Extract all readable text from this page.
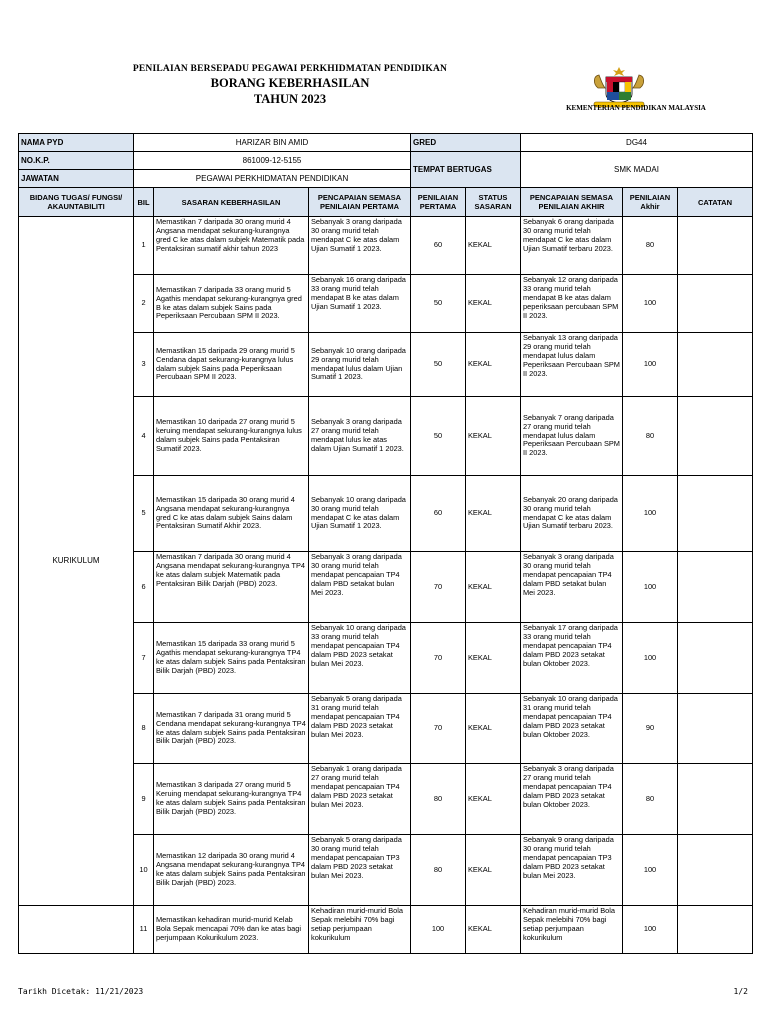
PENILAIAN BERSEPADU PEGAWAI PERKHIDMATAN PENDIDIKAN
BORANG KEBERHASILAN
TAHUN 2023
KEMENTERIAN PENDIDIKAN MALAYSIA
NAMA PYD	HARIZAR BIN AMID	GRED	DG44
NO.K.P.	861009-12-5155	TEMPAT BERTUGAS	SMK MADAI
JAWATAN	PEGAWAI PERKHIDMATAN PENDIDIKAN		
BIDANG TUGAS/ FUNGSI/ AKAUNTABILITI	BIL	SASARAN KEBERHASILAN	PENCAPAIAN SEMASA PENILAIAN PERTAMA	PENILAIAN PERTAMA	STATUS SASARAN	PENCAPAIAN SEMASA PENILAIAN AKHIR	PENILAIAN Akhir	CATATAN
KURIKULUM	1	Memastikan 7 daripada 30 orang murid 4 Angsana mendapat sekurang-kurangnya gred C ke atas dalam subjek Matematik pada Pentaksiran sumatif akhir tahun 2023	Sebanyak 3 orang daripada 30 orang murid telah mendapat C ke atas dalam Ujian Sumatif 1 2023.	60	KEKAL	Sebanyak 6 orang daripada 30 orang murid telah mendapat C ke atas dalam Ujian Sumatif terbaru 2023.	80	
	2	Memastikan 7 daripada 33 orang murid 5 Agathis mendapat sekurang-kurangnya gred B ke atas dalam subjek Sains pada Peperiksaan Percubaan SPM II 2023.	Sebanyak 16 orang daripada 33 orang murid telah mendapat B ke atas dalam Ujian Sumatif 1 2023.	50	KEKAL	Sebanyak 12 orang daripada 33 orang murid telah mendapat B ke atas dalam peperiksaan percubaan SPM II 2023.	100	
	3	Memastikan 15 daripada 29 orang murid 5 Cendana dapat sekurang-kurangnya lulus dalam subjek Sains pada Peperiksaan Percubaan SPM II 2023.	Sebanyak 10 orang daripada 29 orang murid telah mendapat lulus dalam Ujian Sumatif 1 2023.	50	KEKAL	Sebanyak 13 orang daripada 29 orang murid telah mendapat lulus dalam Peperiksaan Percubaan SPM II 2023.	100	
	4	Memastikan 10 daripada 27 orang murid 5 keruing mendapat sekurang-kurangnya lulus dalam subjek Sains pada Pentaksiran Sumatif 2023.	Sebanyak 3 orang daripada 27 orang murid telah mendapat lulus ke atas dalam Ujian Sumatif 1 2023.	50	KEKAL	Sebanyak 7 orang daripada 27 orang murid telah mendapat lulus dalam Peperiksaan Percubaan SPM II 2023.	80	
	5	Memastikan 15 daripada 30 orang murid 4 Angsana mendapat sekurang-kurangnya gred C ke atas dalam subjek Sains dalam Pentaksiran Sumatif Akhir 2023.	Sebanyak 10 orang daripada 30 orang murid telah mendapat C ke atas dalam Ujian Sumatif 1 2023.	60	KEKAL	Sebanyak 20 orang daripada 30 orang murid telah mendapat C ke atas dalam Ujian Sumatif terbaru 2023.	100	
	6	Memastikan 7 daripada 30 orang murid 4 Angsana mendapat sekurang-kurangnya TP4 ke atas dalam subjek Matematik pada Pentaksiran Bilik Darjah (PBD) 2023.	Sebanyak 3 orang daripada 30 orang murid telah mendapat pencapaian TP4 dalam PBD setakat bulan Mei 2023.	70	KEKAL	Sebanyak 3 orang daripada 30 orang murid telah mendapat pencapaian TP4 dalam PBD setakat bulan Mei 2023.	100	
	7	Memastikan 15 daripada 33 orang murid 5 Agathis mendapat sekurang-kurangnya TP4 ke atas dalam subjek Sains pada Pentaksiran Bilik Darjah (PBD) 2023.	Sebanyak 10 orang daripada 33 orang murid telah mendapat pencapaian TP4 dalam PBD 2023 setakat bulan Mei 2023.	70	KEKAL	Sebanyak 17 orang daripada 33 orang murid telah mendapat pencapaian TP4 dalam PBD 2023 setakat bulan Oktober 2023.	100	
	8	Memastikan 7 daripada 31 orang murid 5 Cendana mendapat sekurang-kurangnya TP4 ke atas dalam subjek Sains pada Pentaksiran Bilik Darjah (PBD) 2023.	Sebanyak 5 orang daripada 31 orang murid telah mendapat pencapaian TP4 dalam PBD 2023 setakat bulan Mei 2023.	70	KEKAL	Sebanyak 10 orang daripada 31 orang murid telah mendapat pencapaian TP4 dalam PBD 2023 setakat bulan Oktober 2023.	90	
	9	Memastikan 3 daripada 27 orang murid 5 Keruing mendapat sekurang-kurangnya TP4 ke atas dalam subjek Sains pada Pentaksiran Bilik Darjah (PBD) 2023.	Sebanyak 1 orang daripada 27 orang murid telah mendapat pencapaian TP4 dalam PBD 2023 setakat bulan Mei 2023.	80	KEKAL	Sebanyak 3 orang daripada 27 orang murid telah mendapat pencapaian TP4 dalam PBD 2023 setakat bulan Oktober 2023.	80	
	10	Memastikan 12 daripada 30 orang murid 4 Angsana mendapat sekurang-kurangnya TP4 ke atas dalam subjek Sains pada Pentaksiran Bilik Darjah (PBD) 2023.	Sebanyak 5 orang daripada 30 orang murid telah mendapat pencapaian TP3 dalam PBD 2023 setakat bulan Mei 2023.	80	KEKAL	Sebanyak 9 orang daripada 30 orang murid telah mendapat pencapaian TP3 dalam PBD 2023 setakat bulan Mei 2023.	100	
	11	Memastikan kehadiran murid-murid Kelab Bola Sepak mencapai 70% dan ke atas bagi perjumpaan Kokurikulum 2023.	Kehadiran murid-murid Bola Sepak melebihi 70% bagi setiap perjumpaan kokurikulum	100	KEKAL	Kehadiran murid-murid Bola Sepak melebihi 70% bagi setiap perjumpaan kokurikulum	100	
Tarikh Dicetak: 11/21/2023	1/2
